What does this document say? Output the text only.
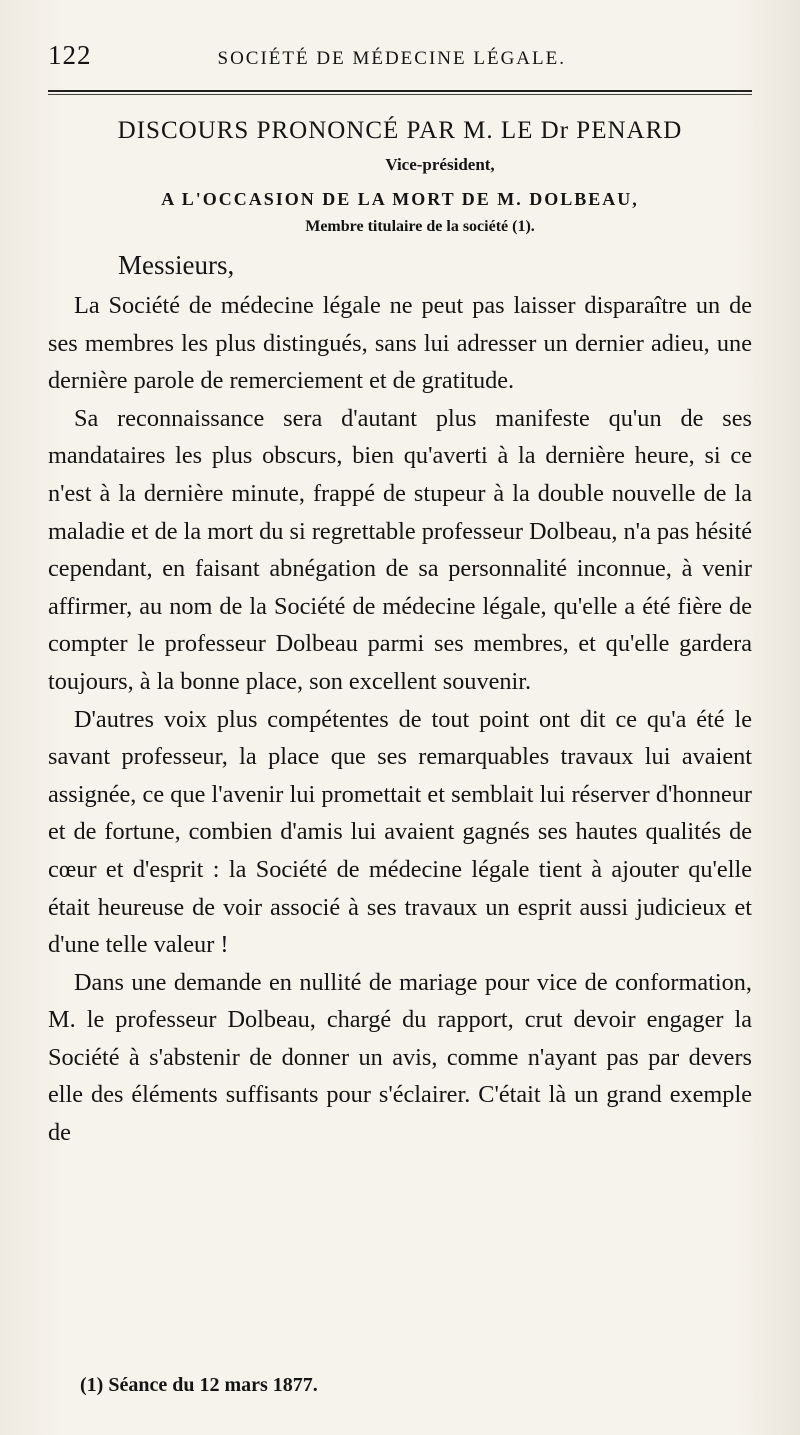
122	SOCIÉTÉ DE MÉDECINE LÉGALE.
DISCOURS PRONONCÉ PAR M. LE Dr PENARD
Vice-président,
A L'OCCASION DE LA MORT DE M. DOLBEAU,
Membre titulaire de la société (1).
Messieurs,

La Société de médecine légale ne peut pas laisser disparaître un de ses membres les plus distingués, sans lui adresser un dernier adieu, une dernière parole de remerciement et de gratitude.

Sa reconnaissance sera d'autant plus manifeste qu'un de ses mandataires les plus obscurs, bien qu'averti à la dernière heure, si ce n'est à la dernière minute, frappé de stupeur à la double nouvelle de la maladie et de la mort du si regrettable professeur Dolbeau, n'a pas hésité cependant, en faisant abnégation de sa personnalité inconnue, à venir affirmer, au nom de la Société de médecine légale, qu'elle a été fière de compter le professeur Dolbeau parmi ses membres, et qu'elle gardera toujours, à la bonne place, son excellent souvenir.

D'autres voix plus compétentes de tout point ont dit ce qu'a été le savant professeur, la place que ses remarquables travaux lui avaient assignée, ce que l'avenir lui promettait et semblait lui réserver d'honneur et de fortune, combien d'amis lui avaient gagnés ses hautes qualités de cœur et d'esprit : la Société de médecine légale tient à ajouter qu'elle était heureuse de voir associé à ses travaux un esprit aussi judicieux et d'une telle valeur !

Dans une demande en nullité de mariage pour vice de conformation, M. le professeur Dolbeau, chargé du rapport, crut devoir engager la Société à s'abstenir de donner un avis, comme n'ayant pas par devers elle des éléments suffisants pour s'éclairer. C'était là un grand exemple de

(1) Séance du 12 mars 1877.
